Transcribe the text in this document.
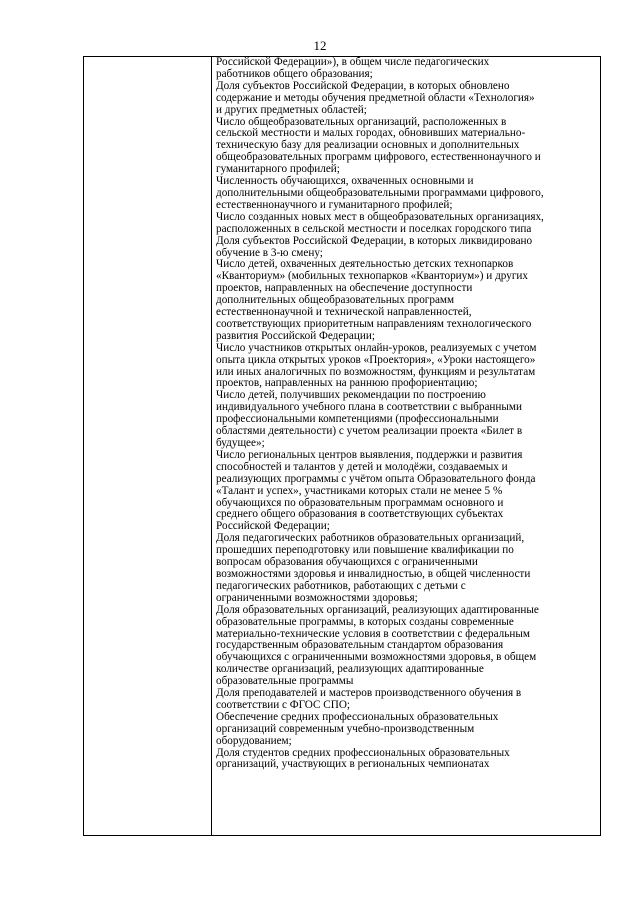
12

Российской Федерации»), в общем числе педагогических
работников общего образования;

Доля субъектов Российской Федерации, в которых обновлено
содержание и методы обучения предметной области «Технология»
и других предметных областей;

Число общеобразовательных организаций, расположенных в
сельской местности и малых городах, обновивших материально-
техническую базу для реализации основных и дополнительных
общеобразовательных программ цифрового, естественнонаучного и
гуманитарного профилей;

Численность обучающихся, охваченных основными и
дополнительными общеобразовательными программами цифрового,
естественнонаучного и гуманитарного профилей;

Число созданных новых мест в общеобразовательных организациях,
расположенных в сельской местности и поселках городского типа

Доля субъектов Российской Федерации, в которых ликвидировано
обучение в 3-ю смену;

Число детей, охваченных деятельностью детских технопарков
«Кванториум» (мобильных технопарков «Кванториум») и других
проектов, направленных на обеспечение доступности
дополнительных общеобразовательных программ
естественнонаучной и технической направленностей,
соответствующих приоритетным направлениям технологического
развития Российской Федерации;

Число участников открытых онлайн-уроков, реализуемых с учетом
опыта цикла открытых уроков «Проектория», «Уроки настоящего»
или иных аналогичных по возможностям, функциям и результатам
проектов, направленных на раннюю профориентацию;

Число детей, получивших рекомендации по построению
индивидуального учебного плана в соответствии с выбранными
профессиональными компетенциями (профессиональными
областями деятельности) с учетом реализации проекта «Билет в
будущее»;

Число региональных центров выявления, поддержки и развития
способностей и талантов у детей и молодёжи, создаваемых и
реализующих программы с учётом опыта Образовательного фонда
«Талант и успех», участниками которых стали не менее 5 %
обучающихся по образовательным программам основного и
среднего общего образования в соответствующих субъектах
Российской Федерации;

Доля педагогических работников образовательных организаций,
прошедших переподготовку или повышение квалификации по
вопросам образования обучающихся с ограниченными
возможностями здоровья и инвалидностью, в общей численности
педагогических работников, работающих с детьми с
ограниченными возможностями здоровья;

Доля образовательных организаций, реализующих адаптированные
образовательные программы, в которых созданы современные
материально-технические условия в соответствии с федеральным
государственным образовательным стандартом образования
обучающихся с ограниченными возможностями здоровья, в общем
количестве организаций, реализующих адаптированные
образовательные программы

Доля преподавателей и мастеров производственного обучения в
соответствии с ФГОС СПО;

Обеспечение средних профессиональных образовательных
организаций современным учебно-производственным
оборудованием;

Доля студентов средних профессиональных образовательных
организаций, участвующих в региональных чемпионатах
